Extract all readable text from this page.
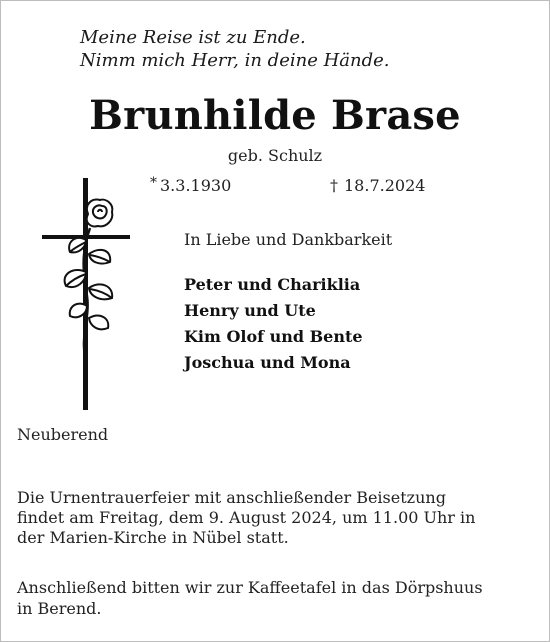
Meine Reise ist zu Ende.
Nimm mich Herr, in deine Hände.
Brunhilde Brase
geb. Schulz
* 3.3.1930	† 18.7.2024
In Liebe und Dankbarkeit
Peter und Chariklia
Henry und Ute
Kim Olof und Bente
Joschua und Mona
Neuberend
Die Urnentrauerfeier mit anschließender Beisetzung
findet am Freitag, dem 9. August 2024, um 11.00 Uhr in
der Marien-Kirche in Nübel statt.
Anschließend bitten wir zur Kaffeetafel in das Dörpshuus
in Berend.
